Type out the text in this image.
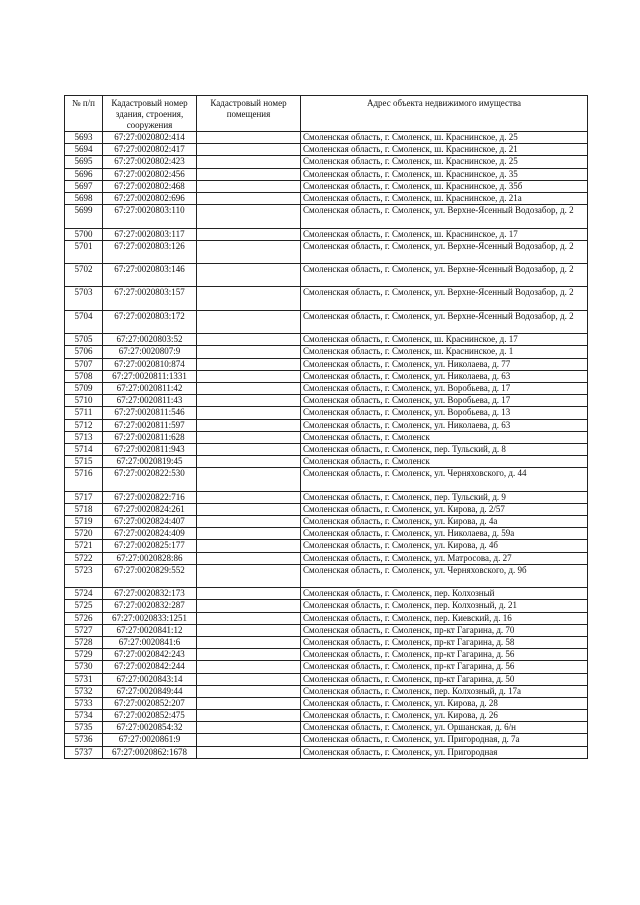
№ п/п	Кадастровый номер здания, строения, сооружения	Кадастровый номер помещения	Адрес объекта недвижимого имущества
5693	67:27:0020802:414		Смоленская область, г. Смоленск, ш. Краснинское, д. 25
5694	67:27:0020802:417		Смоленская область, г. Смоленск, ш. Краснинское, д. 21
5695	67:27:0020802:423		Смоленская область, г. Смоленск, ш. Краснинское, д. 25
5696	67:27:0020802:456		Смоленская область, г. Смоленск, ш. Краснинское, д. 35
5697	67:27:0020802:468		Смоленская область, г. Смоленск, ш. Краснинское, д. 35б
5698	67:27:0020802:696		Смоленская область, г. Смоленск, ш. Краснинское, д. 21а
5699	67:27:0020803:110		Смоленская область, г. Смоленск, ул. Верхне-Ясенный Водозабор, д. 2
5700	67:27:0020803:117		Смоленская область, г. Смоленск, ш. Краснинское, д. 17
5701	67:27:0020803:126		Смоленская область, г. Смоленск, ул. Верхне-Ясенный Водозабор, д. 2
5702	67:27:0020803:146		Смоленская область, г. Смоленск, ул. Верхне-Ясенный Водозабор, д. 2
5703	67:27:0020803:157		Смоленская область, г. Смоленск, ул. Верхне-Ясенный Водозабор, д. 2
5704	67:27:0020803:172		Смоленская область, г. Смоленск, ул. Верхне-Ясенный Водозабор, д. 2
5705	67:27:0020803:52		Смоленская область, г. Смоленск, ш. Краснинское, д. 17
5706	67:27:0020807:9		Смоленская область, г. Смоленск, ш. Краснинское, д. 1
5707	67:27:0020810:874		Смоленская область, г. Смоленск, ул. Николаева, д. 77
5708	67:27:0020811:1331		Смоленская область, г. Смоленск, ул. Николаева, д. 63
5709	67:27:0020811:42		Смоленская область, г. Смоленск, ул. Воробьева, д. 17
5710	67:27:0020811:43		Смоленская область, г. Смоленск, ул. Воробьева, д. 17
5711	67:27:0020811:546		Смоленская область, г. Смоленск, ул. Воробьева, д. 13
5712	67:27:0020811:597		Смоленская область, г. Смоленск, ул. Николаева, д. 63
5713	67:27:0020811:628		Смоленская область, г. Смоленск
5714	67:27:0020811:943		Смоленская область, г. Смоленск, пер. Тульский, д. 8
5715	67:27:0020819:45		Смоленская область, г. Смоленск
5716	67:27:0020822:530		Смоленская область, г. Смоленск, ул. Черняховского, д. 44
5717	67:27:0020822:716		Смоленская область, г. Смоленск, пер. Тульский, д. 9
5718	67:27:0020824:261		Смоленская область, г. Смоленск, ул. Кирова, д. 2/57
5719	67:27:0020824:407		Смоленская область, г. Смоленск, ул. Кирова, д. 4а
5720	67:27:0020824:409		Смоленская область, г. Смоленск, ул. Николаева, д. 59а
5721	67:27:0020825:177		Смоленская область, г. Смоленск, ул. Кирова, д. 4б
5722	67:27:0020828:86		Смоленская область, г. Смоленск, ул. Матросова, д. 27
5723	67:27:0020829:552		Смоленская область, г. Смоленск, ул. Черняховского, д. 9б
5724	67:27:0020832:173		Смоленская область, г. Смоленск, пер. Колхозный
5725	67:27:0020832:287		Смоленская область, г. Смоленск, пер. Колхозный, д. 21
5726	67:27:0020833:1251		Смоленская область, г. Смоленск, пер. Киевский, д. 16
5727	67:27:0020841:12		Смоленская область, г. Смоленск, пр-кт Гагарина, д. 70
5728	67:27:0020841:6		Смоленская область, г. Смоленск, пр-кт Гагарина, д. 58
5729	67:27:0020842:243		Смоленская область, г. Смоленск, пр-кт Гагарина, д. 56
5730	67:27:0020842:244		Смоленская область, г. Смоленск, пр-кт Гагарина, д. 56
5731	67:27:0020843:14		Смоленская область, г. Смоленск, пр-кт Гагарина, д. 50
5732	67:27:0020849:44		Смоленская область, г. Смоленск, пер. Колхозный, д. 17а
5733	67:27:0020852:207		Смоленская область, г. Смоленск, ул. Кирова, д. 28
5734	67:27:0020852:475		Смоленская область, г. Смоленск, ул. Кирова, д. 26
5735	67:27:0020854:32		Смоленская область, г. Смоленск, ул. Оршанская, д. 6/н
5736	67:27:0020861:9		Смоленская область, г. Смоленск, ул. Пригородная, д. 7а
5737	67:27:0020862:1678		Смоленская область, г. Смоленск, ул. Пригородная
